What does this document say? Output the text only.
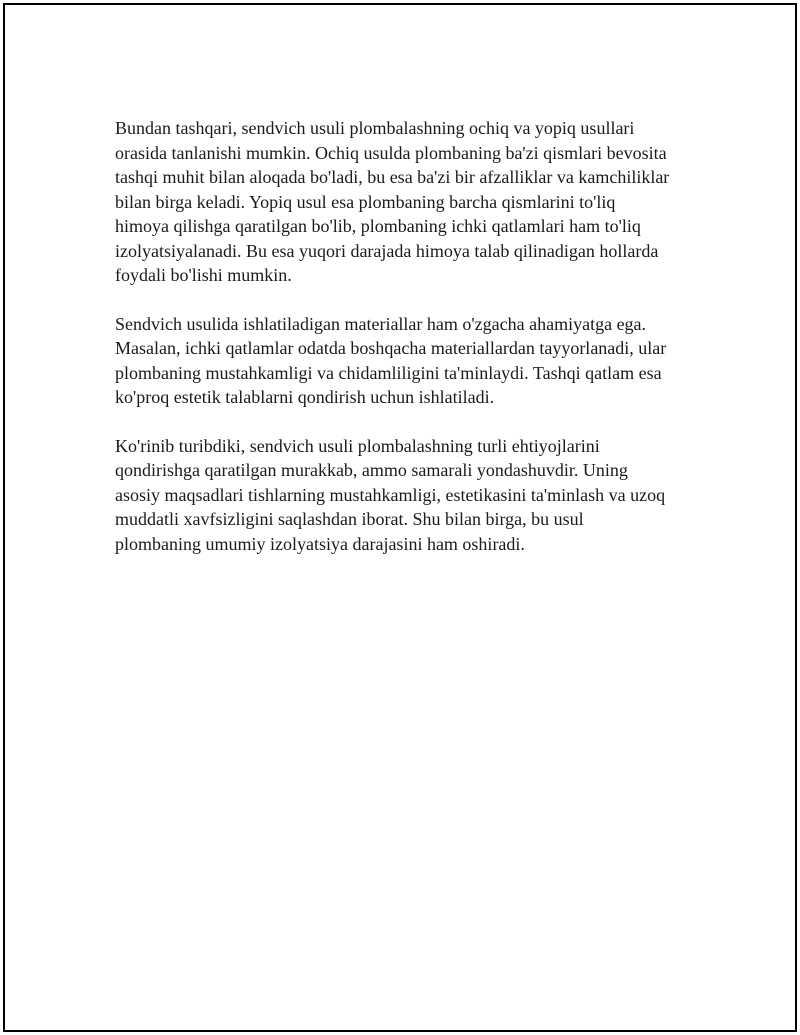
Bundan tashqari, sendvich usuli plombalashning ochiq va yopiq usullari
orasida tanlanishi mumkin. Ochiq usulda plombaning ba'zi qismlari bevosita
tashqi muhit bilan aloqada bo'ladi, bu esa ba'zi bir afzalliklar va kamchiliklar
bilan birga keladi. Yopiq usul esa plombaning barcha qismlarini to'liq
himoya qilishga qaratilgan bo'lib, plombaning ichki qatlamlari ham to'liq
izolyatsiyalanadi. Bu esa yuqori darajada himoya talab qilinadigan hollarda
foydali bo'lishi mumkin.

Sendvich usulida ishlatiladigan materiallar ham o'zgacha ahamiyatga ega.
Masalan, ichki qatlamlar odatda boshqacha materiallardan tayyorlanadi, ular
plombaning mustahkamligi va chidamliligini ta'minlaydi. Tashqi qatlam esa
ko'proq estetik talablarni qondirish uchun ishlatiladi.

Ko'rinib turibdiki, sendvich usuli plombalashning turli ehtiyojlarini
qondirishga qaratilgan murakkab, ammo samarali yondashuvdir. Uning
asosiy maqsadlari tishlarning mustahkamligi, estetikasini ta'minlash va uzoq
muddatli xavfsizligini saqlashdan iborat. Shu bilan birga, bu usul
plombaning umumiy izolyatsiya darajasini ham oshiradi.
